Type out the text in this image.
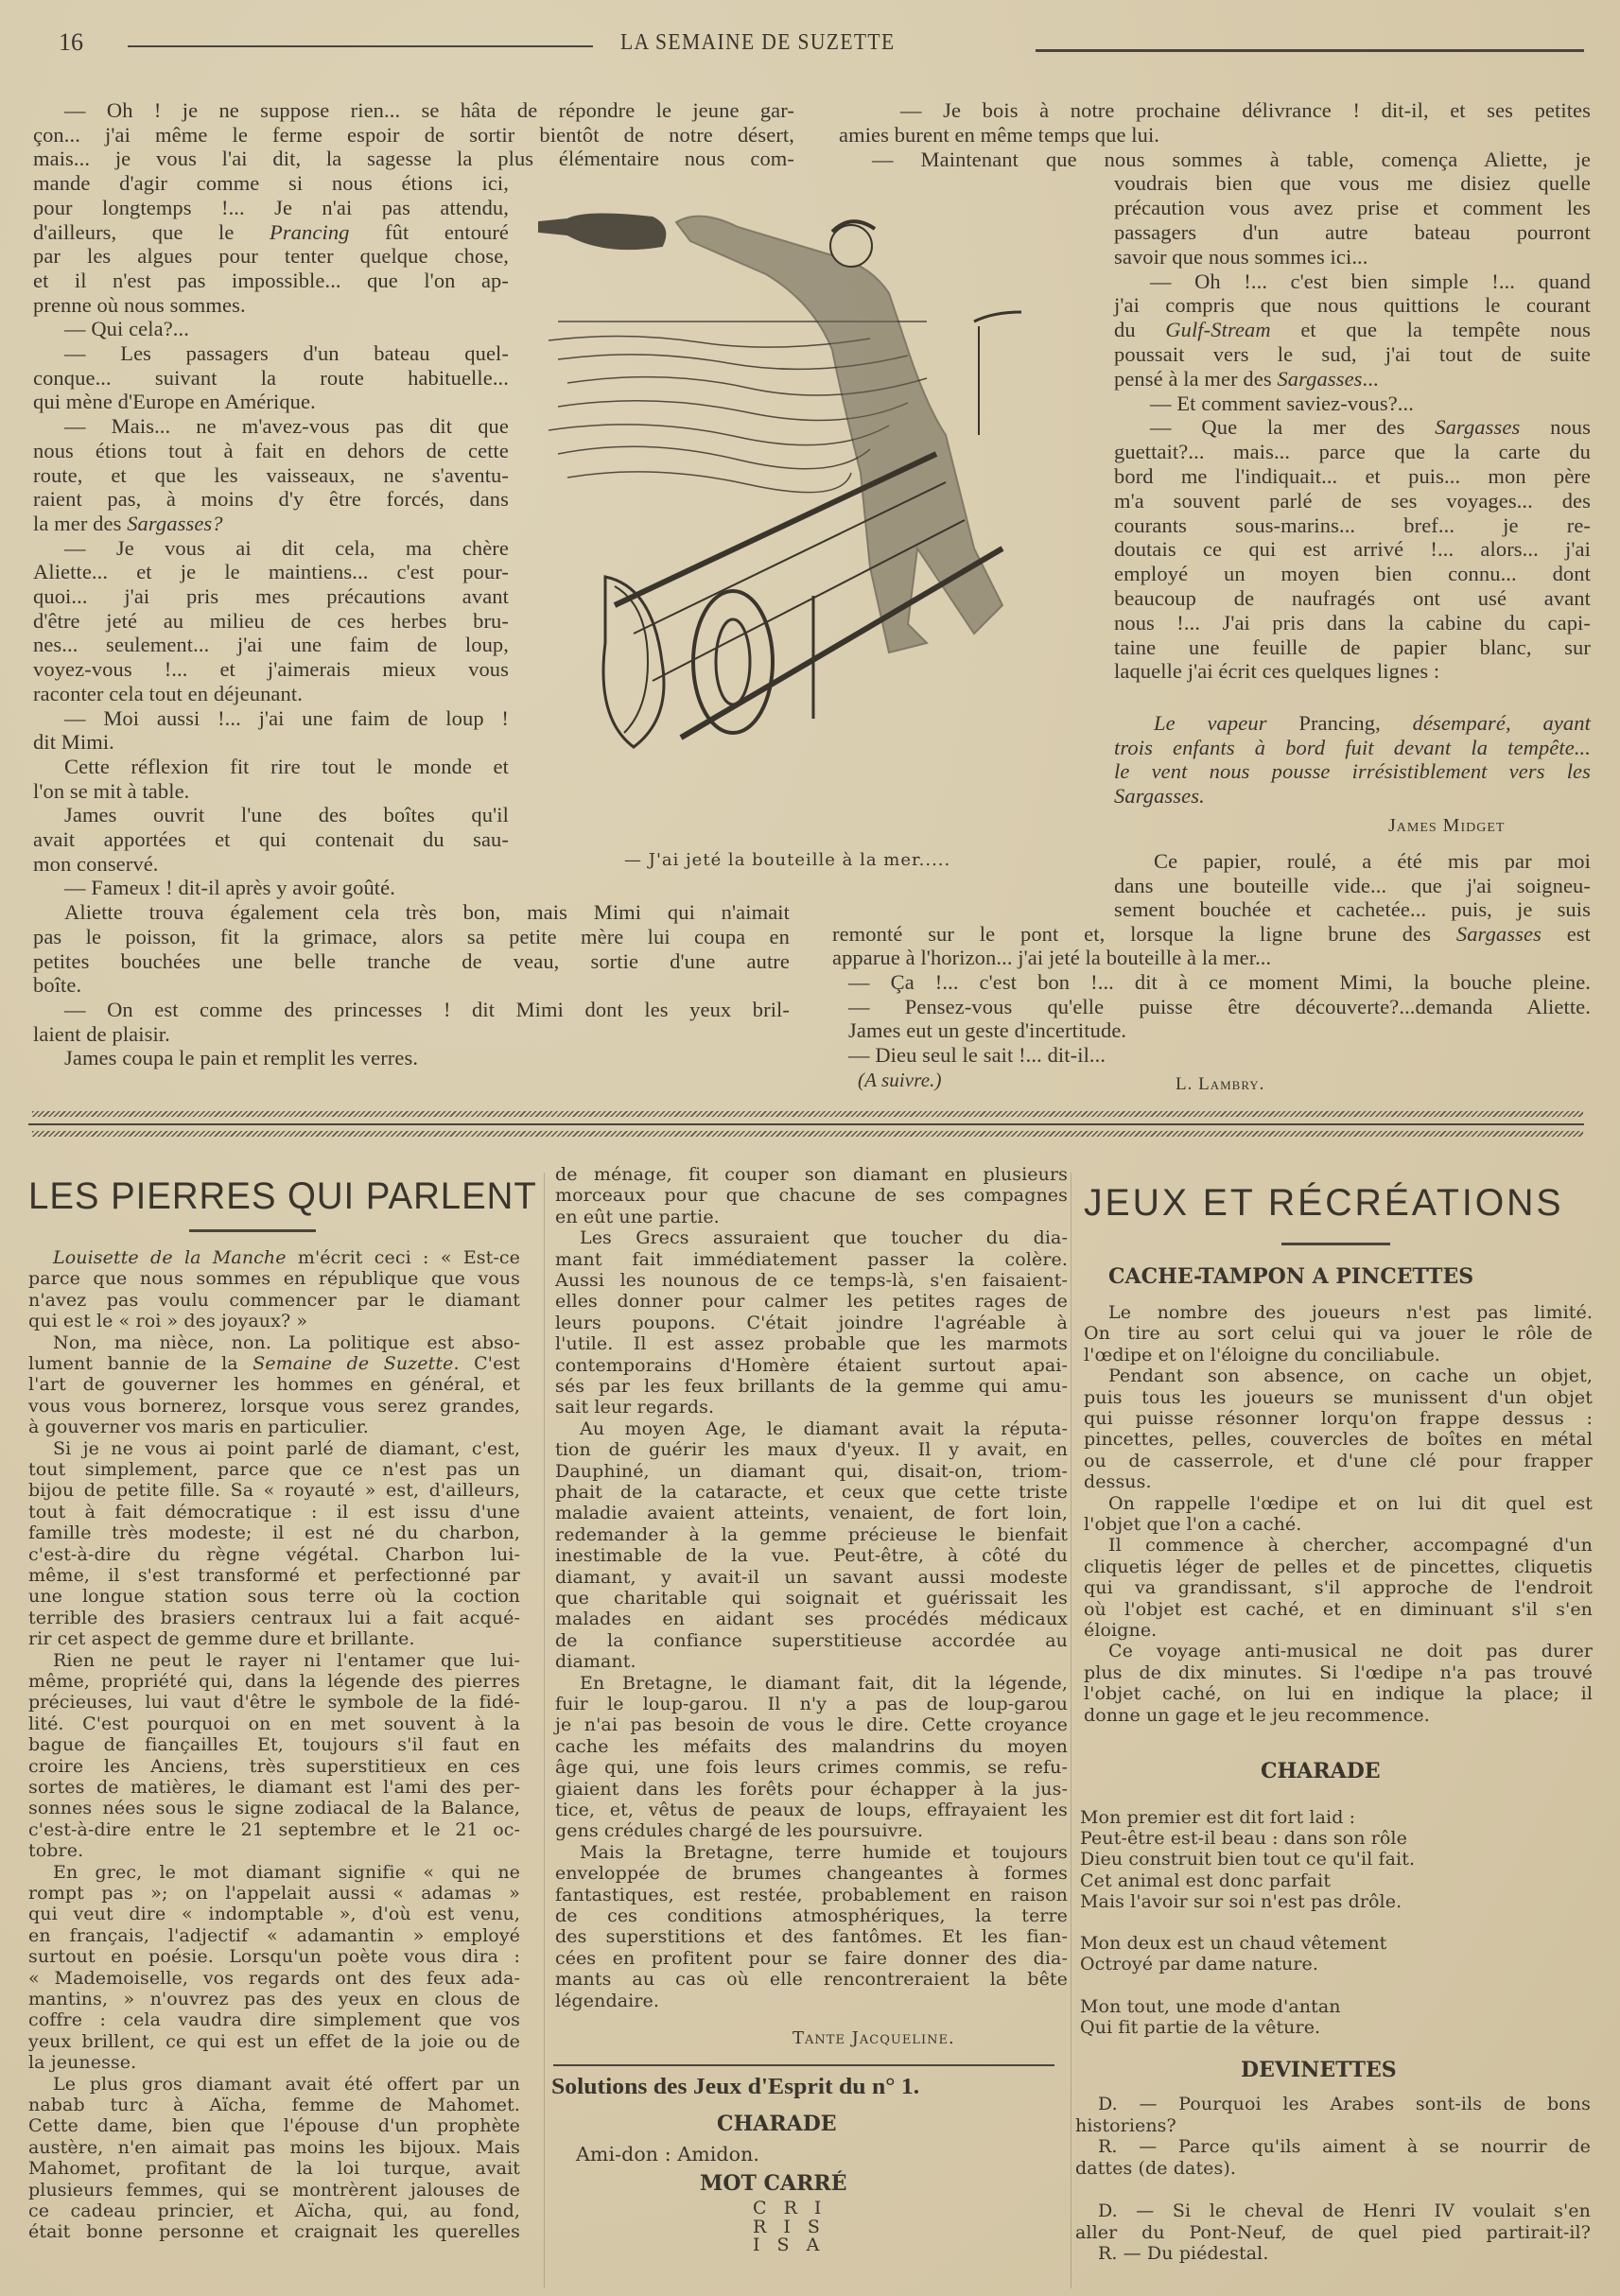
16	LA SEMAINE DE SUZETTE
— Oh ! je ne suppose rien... se hâta de répondre le jeune gar-
çon... j'ai même le ferme espoir de sortir bientôt de notre désert,
mais... je vous l'ai dit, la sagesse la plus élémentaire nous com-
mande d'agir comme si nous étions ici,
pour longtemps !... Je n'ai pas attendu,
d'ailleurs, que le Prancing fût entouré
par les algues pour tenter quelque chose,
et il n'est pas impossible... que l'on ap-
prenne où nous sommes.
— Qui cela?...
— Les passagers d'un bateau quel-
conque... suivant la route habituelle...
qui mène d'Europe en Amérique.
— Mais... ne m'avez-vous pas dit que
nous étions tout à fait en dehors de cette
route, et que les vaisseaux, ne s'aventu-
raient pas, à moins d'y être forcés, dans
la mer des Sargasses?
— Je vous ai dit cela, ma chère
Aliette... et je le maintiens... c'est pour-
quoi... j'ai pris mes précautions avant
d'être jeté au milieu de ces herbes bru-
nes... seulement... j'ai une faim de loup,
voyez-vous !... et j'aimerais mieux vous
raconter cela tout en déjeunant.
— Moi aussi !... j'ai une faim de loup !
dit Mimi.
Cette réflexion fit rire tout le monde et
l'on se mit à table.
James ouvrit l'une des boîtes qu'il
avait apportées et qui contenait du sau-
mon conservé.
— Fameux ! dit-il après y avoir goûté.
Aliette trouva également cela très bon, mais Mimi qui n'aimait
pas le poisson, fit la grimace, alors sa petite mère lui coupa en
petites bouchées une belle tranche de veau, sortie d'une autre
boîte.
— On est comme des princesses ! dit Mimi dont les yeux bril-
laient de plaisir.
James coupa le pain et remplit les verres.
— Je bois à notre prochaine délivrance ! dit-il, et ses petites
amies burent en même temps que lui.
— Maintenant que nous sommes à table, comença Aliette, je
voudrais bien que vous me disiez quelle
précaution vous avez prise et comment les
passagers d'un autre bateau pourront
savoir que nous sommes ici...
— Oh !... c'est bien simple !... quand
j'ai compris que nous quittions le courant
du Gulf-Stream et que la tempête nous
poussait vers le sud, j'ai tout de suite
pensé à la mer des Sargasses...
— Et comment saviez-vous?...
— Que la mer des Sargasses nous
guettait?... mais... parce que la carte du
bord me l'indiquait... et puis... mon père
m'a souvent parlé de ses voyages... des
courants sous-marins... bref... je re-
doutais ce qui est arrivé !... alors... j'ai
employé un moyen bien connu... dont
beaucoup de naufragés ont usé avant
nous !... J'ai pris dans la cabine du capi-
taine une feuille de papier blanc, sur
laquelle j'ai écrit ces quelques lignes :
Le vapeur Prancing, désemparé, ayant
trois enfants à bord fuit devant la tempête...
le vent nous pousse irrésistiblement vers les
Sargasses.
James Midget
Ce papier, roulé, a été mis par moi
dans une bouteille vide... que j'ai soigneu-
sement bouchée et cachetée... puis, je suis
remonté sur le pont et, lorsque la ligne brune des Sargasses est
apparue à l'horizon... j'ai jeté la bouteille à la mer...
— Ça !... c'est bon !... dit à ce moment Mimi, la bouche pleine.
— Pensez-vous qu'elle puisse être découverte?...demanda Aliette.
James eut un geste d'incertitude.
— Dieu seul le sait !... dit-il...
(A suivre.)	L. Lambry.
— J'ai jeté la bouteille à la mer.....
LES PIERRES QUI PARLENT
Louisette de la Manche m'écrit ceci : « Est-ce
parce que nous sommes en république que vous
n'avez pas voulu commencer par le diamant
qui est le « roi » des joyaux? »
Non, ma nièce, non. La politique est abso-
lument bannie de la Semaine de Suzette. C'est
l'art de gouverner les hommes en général, et
vous vous bornerez, lorsque vous serez grandes,
à gouverner vos maris en particulier.
Si je ne vous ai point parlé de diamant, c'est,
tout simplement, parce que ce n'est pas un
bijou de petite fille. Sa « royauté » est, d'ailleurs,
tout à fait démocratique : il est issu d'une
famille très modeste; il est né du charbon,
c'est-à-dire du règne végétal. Charbon lui-
même, il s'est transformé et perfectionné par
une longue station sous terre où la coction
terrible des brasiers centraux lui a fait acqué-
rir cet aspect de gemme dure et brillante.
Rien ne peut le rayer ni l'entamer que lui-
même, propriété qui, dans la légende des pierres
précieuses, lui vaut d'être le symbole de la fidé-
lité. C'est pourquoi on en met souvent à la
bague de fiançailles Et, toujours s'il faut en
croire les Anciens, très superstitieux en ces
sortes de matières, le diamant est l'ami des per-
sonnes nées sous le signe zodiacal de la Balance,
c'est-à-dire entre le 21 septembre et le 21 oc-
tobre.
En grec, le mot diamant signifie « qui ne
rompt pas »; on l'appelait aussi « adamas »
qui veut dire « indomptable », d'où est venu,
en français, l'adjectif « adamantin » employé
surtout en poésie. Lorsqu'un poète vous dira :
« Mademoiselle, vos regards ont des feux ada-
mantins, » n'ouvrez pas des yeux en clous de
coffre : cela vaudra dire simplement que vos
yeux brillent, ce qui est un effet de la joie ou de
la jeunesse.
Le plus gros diamant avait été offert par un
nabab turc à Aïcha, femme de Mahomet.
Cette dame, bien que l'épouse d'un prophète
austère, n'en aimait pas moins les bijoux. Mais
Mahomet, profitant de la loi turque, avait
plusieurs femmes, qui se montrèrent jalouses de
ce cadeau princier, et Aïcha, qui, au fond,
était bonne personne et craignait les querelles
de ménage, fit couper son diamant en plusieurs
morceaux pour que chacune de ses compagnes
en eût une partie.
Les Grecs assuraient que toucher du dia-
mant fait immédiatement passer la colère.
Aussi les nounous de ce temps-là, s'en faisaient-
elles donner pour calmer les petites rages de
leurs poupons. C'était joindre l'agréable à
l'utile. Il est assez probable que les marmots
contemporains d'Homère étaient surtout apai-
sés par les feux brillants de la gemme qui amu-
sait leur regards.
Au moyen Age, le diamant avait la réputa-
tion de guérir les maux d'yeux. Il y avait, en
Dauphiné, un diamant qui, disait-on, triom-
phait de la cataracte, et ceux que cette triste
maladie avaient atteints, venaient, de fort loin,
redemander à la gemme précieuse le bienfait
inestimable de la vue. Peut-être, à côté du
diamant, y avait-il un savant aussi modeste
que charitable qui soignait et guérissait les
malades en aidant ses procédés médicaux
de la confiance superstitieuse accordée au
diamant.
En Bretagne, le diamant fait, dit la légende,
fuir le loup-garou. Il n'y a pas de loup-garou
je n'ai pas besoin de vous le dire. Cette croyance
cache les méfaits des malandrins du moyen
âge qui, une fois leurs crimes commis, se refu-
giaient dans les forêts pour échapper à la jus-
tice, et, vêtus de peaux de loups, effrayaient les
gens crédules chargé de les poursuivre.
Mais la Bretagne, terre humide et toujours
enveloppée de brumes changeantes à formes
fantastiques, est restée, probablement en raison
de ces conditions atmosphériques, la terre
des superstitions et des fantômes. Et les fian-
cées en profitent pour se faire donner des dia-
mants au cas où elle rencontreraient la bête
légendaire.
Tante Jacqueline.
Solutions des Jeux d'Esprit du n° 1.
CHARADE
Ami-don : Amidon.
MOT CARRÉ
C R I
R I S
I S A
JEUX ET RÉCRÉATIONS
CACHE-TAMPON A PINCETTES
Le nombre des joueurs n'est pas limité.
On tire au sort celui qui va jouer le rôle de
l'œdipe et on l'éloigne du conciliabule.
Pendant son absence, on cache un objet,
puis tous les joueurs se munissent d'un objet
qui puisse résonner lorqu'on frappe dessus :
pincettes, pelles, couvercles de boîtes en métal
ou de casserrole, et d'une clé pour frapper
dessus.
On rappelle l'œdipe et on lui dit quel est
l'objet que l'on a caché.
Il commence à chercher, accompagné d'un
cliquetis léger de pelles et de pincettes, cliquetis
qui va grandissant, s'il approche de l'endroit
où l'objet est caché, et en diminuant s'il s'en
éloigne.
Ce voyage anti-musical ne doit pas durer
plus de dix minutes. Si l'œdipe n'a pas trouvé
l'objet caché, on lui en indique la place; il
donne un gage et le jeu recommence.
CHARADE
Mon premier est dit fort laid :
Peut-être est-il beau : dans son rôle
Dieu construit bien tout ce qu'il fait.
Cet animal est donc parfait
Mais l'avoir sur soi n'est pas drôle.
Mon deux est un chaud vêtement
Octroyé par dame nature.
Mon tout, une mode d'antan
Qui fit partie de la vêture.
DEVINETTES
D. — Pourquoi les Arabes sont-ils de bons
historiens?
R. — Parce qu'ils aiment à se nourrir de
dattes (de dates).
D. — Si le cheval de Henri IV voulait s'en
aller du Pont-Neuf, de quel pied partirait-il?
R. — Du piédestal.
